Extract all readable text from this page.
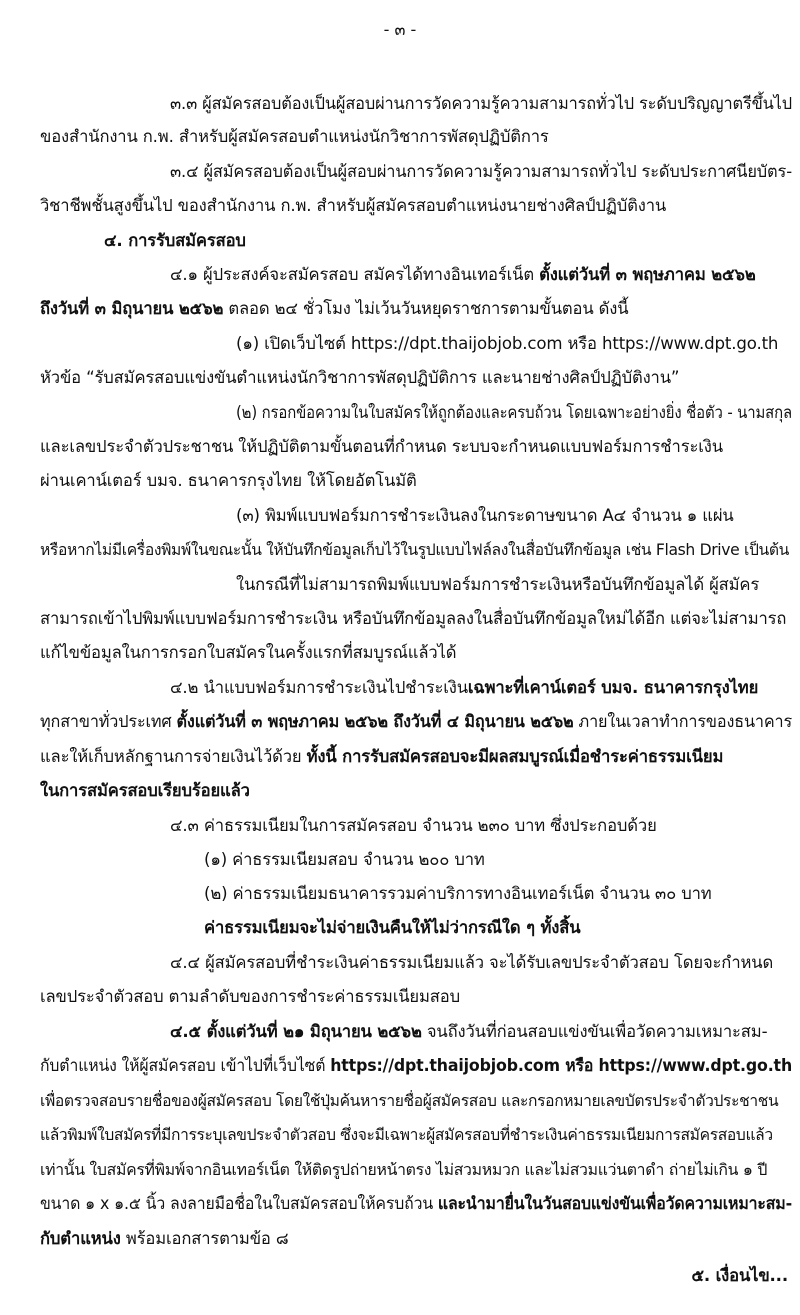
- ๓ -
๓.๓ ผู้สมัครสอบต้องเป็นผู้สอบผ่านการวัดความรู้ความสามารถทั่วไป ระดับปริญญาตรีขึ้นไป
ของสำนักงาน ก.พ. สำหรับผู้สมัครสอบตำแหน่งนักวิชาการพัสดุปฏิบัติการ
๓.๔ ผู้สมัครสอบต้องเป็นผู้สอบผ่านการวัดความรู้ความสามารถทั่วไป ระดับประกาศนียบัตร-
วิชาชีพชั้นสูงขึ้นไป ของสำนักงาน ก.พ. สำหรับผู้สมัครสอบตำแหน่งนายช่างศิลป์ปฏิบัติงาน
๔. การรับสมัครสอบ
๔.๑ ผู้ประสงค์จะสมัครสอบ สมัครได้ทางอินเทอร์เน็ต ตั้งแต่วันที่ ๓ พฤษภาคม ๒๕๖๒
ถึงวันที่ ๓ มิถุนายน ๒๕๖๒ ตลอด ๒๔ ชั่วโมง ไม่เว้นวันหยุดราชการตามขั้นตอน ดังนี้
(๑) เปิดเว็บไซต์ https://dpt.thaijobjob.com หรือ https://www.dpt.go.th
หัวข้อ “รับสมัครสอบแข่งขันตำแหน่งนักวิชาการพัสดุปฏิบัติการ และนายช่างศิลป์ปฏิบัติงาน”
(๒) กรอกข้อความในใบสมัครให้ถูกต้องและครบถ้วน โดยเฉพาะอย่างยิ่ง ชื่อตัว - นามสกุล
และเลขประจำตัวประชาชน ให้ปฏิบัติตามขั้นตอนที่กำหนด ระบบจะกำหนดแบบฟอร์มการชำระเงิน
ผ่านเคาน์เตอร์ บมจ. ธนาคารกรุงไทย ให้โดยอัตโนมัติ
(๓) พิมพ์แบบฟอร์มการชำระเงินลงในกระดาษขนาด A๔ จำนวน ๑ แผ่น
หรือหากไม่มีเครื่องพิมพ์ในขณะนั้น ให้บันทึกข้อมูลเก็บไว้ในรูปแบบไฟล์ลงในสื่อบันทึกข้อมูล เช่น Flash Drive เป็นต้น
ในกรณีที่ไม่สามารถพิมพ์แบบฟอร์มการชำระเงินหรือบันทึกข้อมูลได้ ผู้สมัคร
สามารถเข้าไปพิมพ์แบบฟอร์มการชำระเงิน หรือบันทึกข้อมูลลงในสื่อบันทึกข้อมูลใหม่ได้อีก แต่จะไม่สามารถ
แก้ไขข้อมูลในการกรอกใบสมัครในครั้งแรกที่สมบูรณ์แล้วได้
๔.๒ นำแบบฟอร์มการชำระเงินไปชำระเงินเฉพาะที่เคาน์เตอร์ บมจ. ธนาคารกรุงไทย
ทุกสาขาทั่วประเทศ ตั้งแต่วันที่ ๓ พฤษภาคม ๒๕๖๒ ถึงวันที่ ๔ มิถุนายน ๒๕๖๒ ภายในเวลาทำการของธนาคาร
และให้เก็บหลักฐานการจ่ายเงินไว้ด้วย ทั้งนี้ การรับสมัครสอบจะมีผลสมบูรณ์เมื่อชำระค่าธรรมเนียม
ในการสมัครสอบเรียบร้อยแล้ว
๔.๓ ค่าธรรมเนียมในการสมัครสอบ จำนวน ๒๓๐ บาท ซึ่งประกอบด้วย
(๑) ค่าธรรมเนียมสอบ จำนวน ๒๐๐ บาท
(๒) ค่าธรรมเนียมธนาคารรวมค่าบริการทางอินเทอร์เน็ต จำนวน ๓๐ บาท
ค่าธรรมเนียมจะไม่จ่ายเงินคืนให้ไม่ว่ากรณีใด ๆ ทั้งสิ้น
๔.๔ ผู้สมัครสอบที่ชำระเงินค่าธรรมเนียมแล้ว จะได้รับเลขประจำตัวสอบ โดยจะกำหนด
เลขประจำตัวสอบ ตามลำดับของการชำระค่าธรรมเนียมสอบ
๔.๕ ตั้งแต่วันที่ ๒๑ มิถุนายน ๒๕๖๒ จนถึงวันที่ก่อนสอบแข่งขันเพื่อวัดความเหมาะสม-
กับตำแหน่ง ให้ผู้สมัครสอบ เข้าไปที่เว็บไซต์ https://dpt.thaijobjob.com หรือ https://www.dpt.go.th
เพื่อตรวจสอบรายชื่อของผู้สมัครสอบ โดยใช้ปุ่มค้นหารายชื่อผู้สมัครสอบ และกรอกหมายเลขบัตรประจำตัวประชาชน
แล้วพิมพ์ใบสมัครที่มีการระบุเลขประจำตัวสอบ ซึ่งจะมีเฉพาะผู้สมัครสอบที่ชำระเงินค่าธรรมเนียมการสมัครสอบแล้ว
เท่านั้น ใบสมัครที่พิมพ์จากอินเทอร์เน็ต ให้ติดรูปถ่ายหน้าตรง ไม่สวมหมวก และไม่สวมแว่นตาดำ ถ่ายไม่เกิน ๑ ปี
ขนาด ๑ x ๑.๕ นิ้ว ลงลายมือชื่อในใบสมัครสอบให้ครบถ้วน และนำมายื่นในวันสอบแข่งขันเพื่อวัดความเหมาะสม-
กับตำแหน่ง พร้อมเอกสารตามข้อ ๘
๕. เงื่อนไข...
